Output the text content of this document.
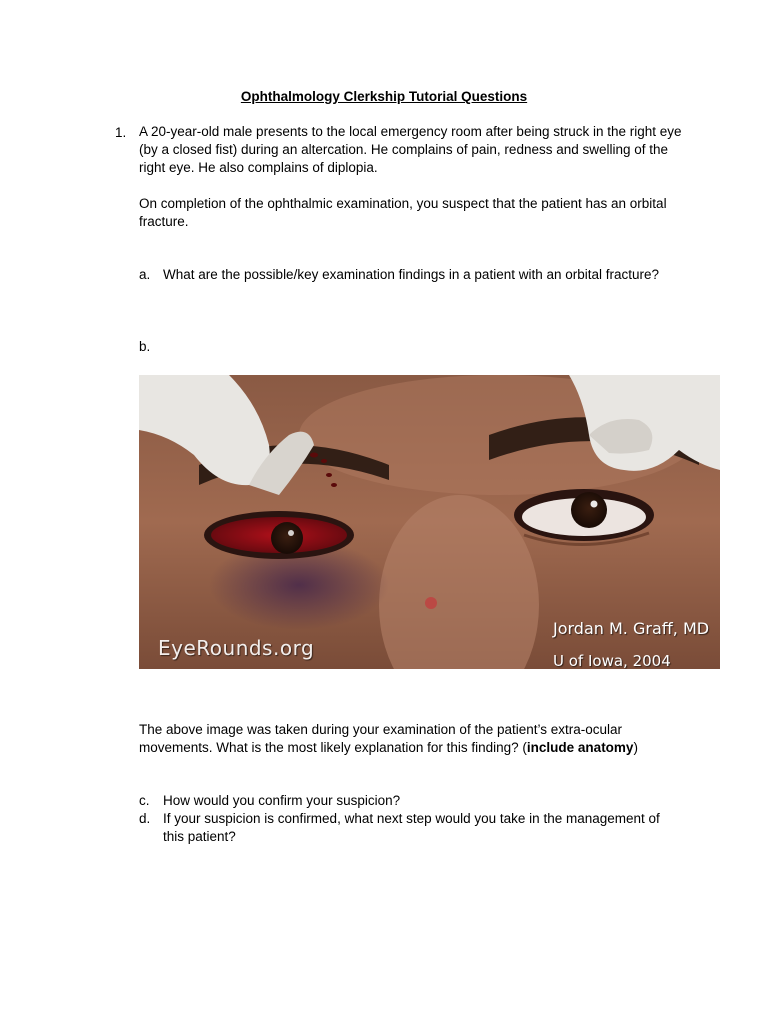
Ophthalmology Clerkship Tutorial Questions
1. A 20-year-old male presents to the local emergency room after being struck in the right eye (by a closed fist) during an altercation. He complains of pain, redness and swelling of the right eye. He also complains of diplopia.
On completion of the ophthalmic examination, you suspect that the patient has an orbital fracture.
a. What are the possible/key examination findings in a patient with an orbital fracture?
b.
EyeRounds.org
Jordan M. Graff, MD
U of Iowa, 2004
The above image was taken during your examination of the patient’s extra-ocular movements. What is the most likely explanation for this finding? (include anatomy)
c. How would you confirm your suspicion?
d. If your suspicion is confirmed, what next step would you take in the management of this patient?
